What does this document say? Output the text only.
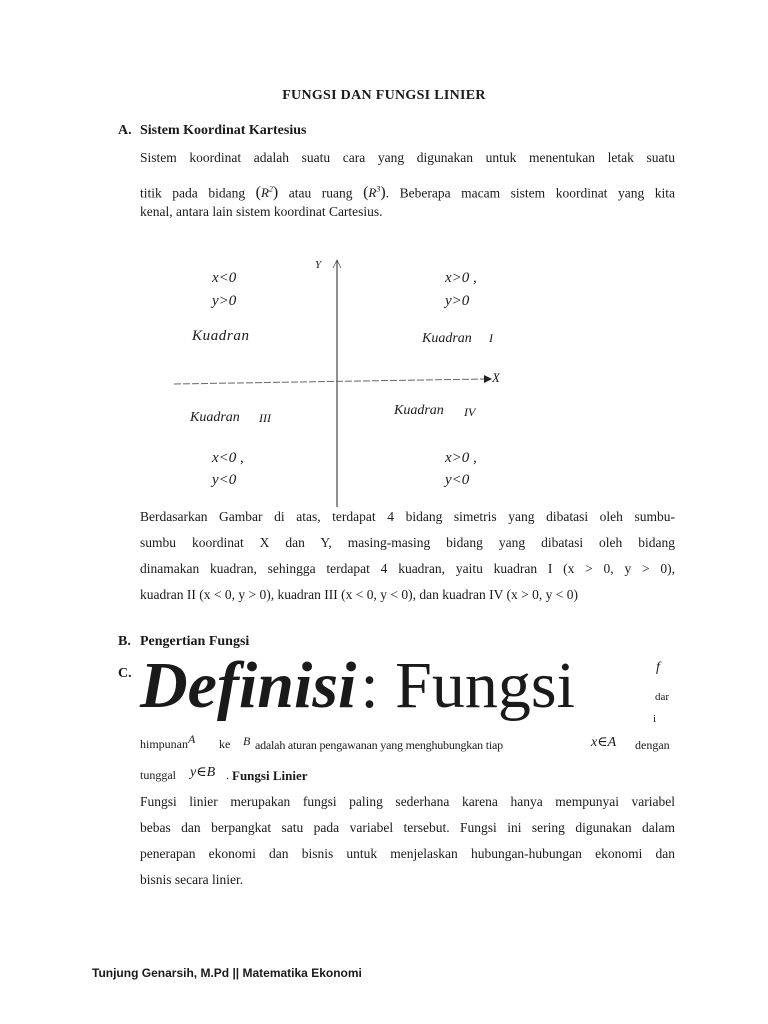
FUNGSI DAN FUNGSI LINIER
A. Sistem Koordinat Kartesius
Sistem koordinat adalah suatu cara yang digunakan untuk menentukan letak suatu
titik pada bidang $(R^2)$ atau ruang $(R^3)$. Beberapa macam sistem koordinat yang kita
kenal, antara lain sistem koordinat Cartesius.
Y
X
x<0
y>0
Kuadran
x>0 ,
y>0
Kuadran I
Kuadran III	Kuadran IV
x<0 ,
y<0
x>0 ,
y<0
Berdasarkan Gambar di atas, terdapat 4 bidang simetris yang dibatasi oleh sumbu-
sumbu koordinat X dan Y, masing-masing bidang yang dibatasi oleh bidang
dinamakan kuadran, sehingga terdapat 4 kuadran, yaitu kuadran I (x > 0, y > 0),
kuadran II (x < 0, y > 0), kuadran III (x < 0, y < 0), dan kuadran IV (x > 0, y < 0)
B. Pengertian Fungsi
C. Definisi : Fungsi	f
dar
i
himpunanA ke B adalah aturan pengawanan yang menghubungkan tiap	x∈A dengan
tunggal y∈B . Fungsi Linier
Fungsi linier merupakan fungsi paling sederhana karena hanya mempunyai variabel
bebas dan berpangkat satu pada variabel tersebut. Fungsi ini sering digunakan dalam
penerapan ekonomi dan bisnis untuk menjelaskan hubungan-hubungan ekonomi dan
bisnis secara linier.
Tunjung Genarsih, M.Pd || Matematika Ekonomi
